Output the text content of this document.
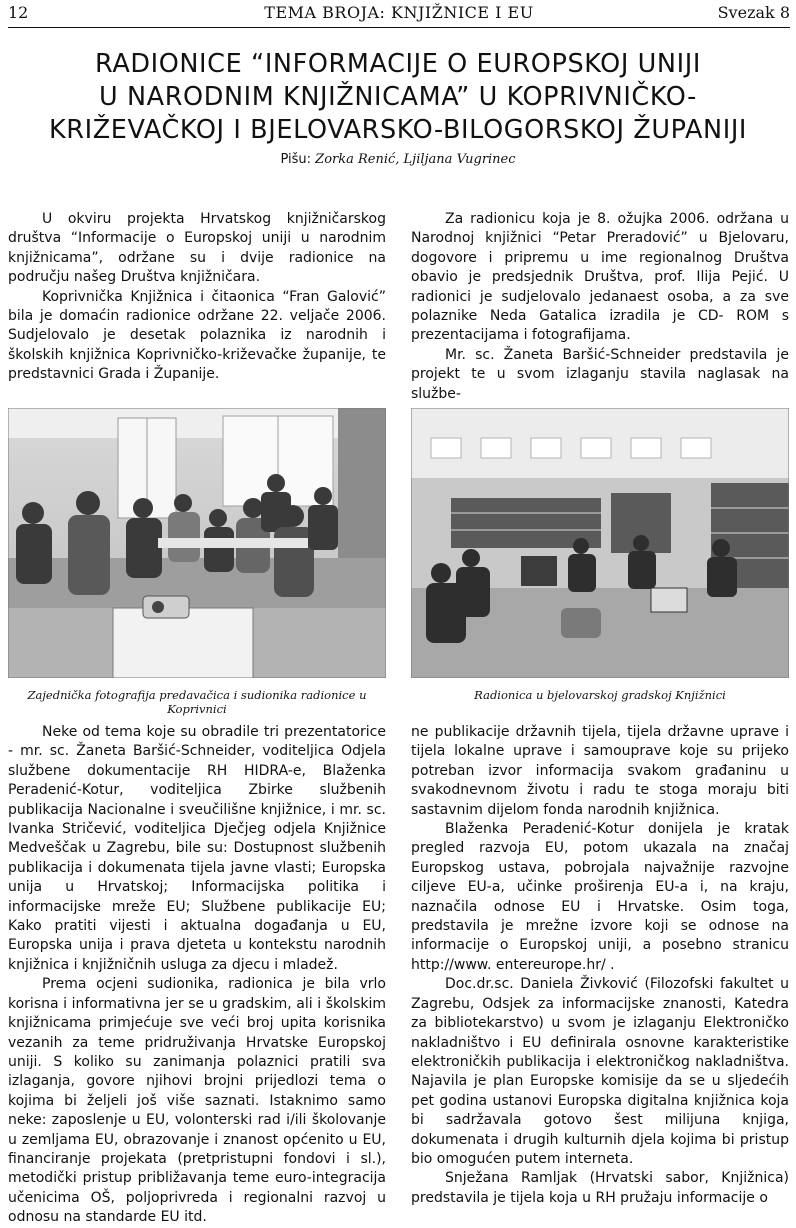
12	TEMA BROJA: KNJIŽNICE I EU	Svezak 8
RADIONICE “INFORMACIJE O EUROPSKOJ UNIJI
U NARODNIM KNJIŽNICAMA” U KOPRIVNIČKO-
KRIŽEVAČKOJ I BJELOVARSKO-BILOGORSKOJ ŽUPANIJI
Pišu: Zorka Renić, Ljiljana Vugrinec

U okviru projekta Hrvatskog knjižničarskog društva “Informacije o Europskoj uniji u narodnim knjižnicama”, održane su i dvije radionice na području našeg Društva knjižničara.

Koprivnička Knjižnica i čitaonica “Fran Galović” bila je domaćin radionice održane 22. veljače 2006. Sudjelovalo je desetak polaznika iz narodnih i školskih knjižnica Koprivničko-križevačke županije, te predstavnici Grada i Županije.

Za radionicu koja je 8. ožujka 2006. održana u Narodnoj knjižnici “Petar Preradović” u Bjelovaru, dogovore i pripremu u ime regionalnog Društva obavio je predsjednik Društva, prof. Ilija Pejić. U radionici je sudjelovalo jedanaest osoba, a za sve polaznike Neda Gatalica izradila je CD- ROM s prezentacijama i fotografijama.

Mr. sc. Žaneta Baršić-Schneider predstavila je projekt te u svom izlaganju stavila naglasak na službe-

Zajednička fotografija predavačica i sudionika radionice u Koprivnici
Radionica u bjelovarskoj gradskoj Knjižnici

Neke od tema koje su obradile tri prezentatorice - mr. sc. Žaneta Baršić-Schneider, voditeljica Odjela službene dokumentacije RH HIDRA-e, Blaženka Peradenić-Kotur, voditeljica Zbirke službenih publikacija Nacionalne i sveučilišne knjižnice, i mr. sc. Ivanka Stričević, voditeljica Dječjeg odjela Knjižnice Medveščak u Zagrebu, bile su: Dostupnost službenih publikacija i dokumenata tijela javne vlasti; Europska unija u Hrvatskoj; Informacijska politika i informacijske mreže EU; Službene publikacije EU; Kako pratiti vijesti i aktualna događanja u EU, Europska unija i prava djeteta u kontekstu narodnih knjižnica i knjižničnih usluga za djecu i mladež.

Prema ocjeni sudionika, radionica je bila vrlo korisna i informativna jer se u gradskim, ali i školskim knjižnicama primjećuje sve veći broj upita korisnika vezanih za teme pridruživanja Hrvatske Europskoj uniji. S koliko su zanimanja polaznici pratili sva izlaganja, govore njihovi brojni prijedlozi tema o kojima bi željeli još više saznati. Istaknimo samo neke: zaposlenje u EU, volonterski rad i/ili školovanje u zemljama EU, obrazovanje i znanost općenito u EU, financiranje projekata (pretpristupni fondovi i sl.), metodički pristup približavanja teme euro-integracija učenicima OŠ, poljoprivreda i regionalni razvoj u odnosu na standarde EU itd.

ne publikacije državnih tijela, tijela državne uprave i tijela lokalne uprave i samouprave koje su prijeko potreban izvor informacija svakom građaninu u svakodnevnom životu i radu te stoga moraju biti sastavnim dijelom fonda narodnih knjižnica.

Blaženka Peradenić-Kotur donijela je kratak pregled razvoja EU, potom ukazala na značaj Europskog ustava, pobrojala najvažnije razvojne ciljeve EU-a, učinke proširenja EU-a i, na kraju, naznačila odnose EU i Hrvatske. Osim toga, predstavila je mrežne izvore koji se odnose na informacije o Europskoj uniji, a posebno stranicu http://www. entereurope.hr/ .

Doc.dr.sc. Daniela Živković (Filozofski fakultet u Zagrebu, Odsjek za informacijske znanosti, Katedra za bibliotekarstvo) u svom je izlaganju Elektroničko nakladništvo i EU definirala osnovne karakteristike elektroničkih publikacija i elektroničkog nakladništva. Najavila je plan Europske komisije da se u sljedećih pet godina ustanovi Europska digitalna knjižnica koja bi sadržavala gotovo šest milijuna knjiga, dokumenata i drugih kulturnih djela kojima bi pristup bio omogućen putem interneta.

Snježana Ramljak (Hrvatski sabor, Knjižnica) predstavila je tijela koja u RH pružaju informacije o
